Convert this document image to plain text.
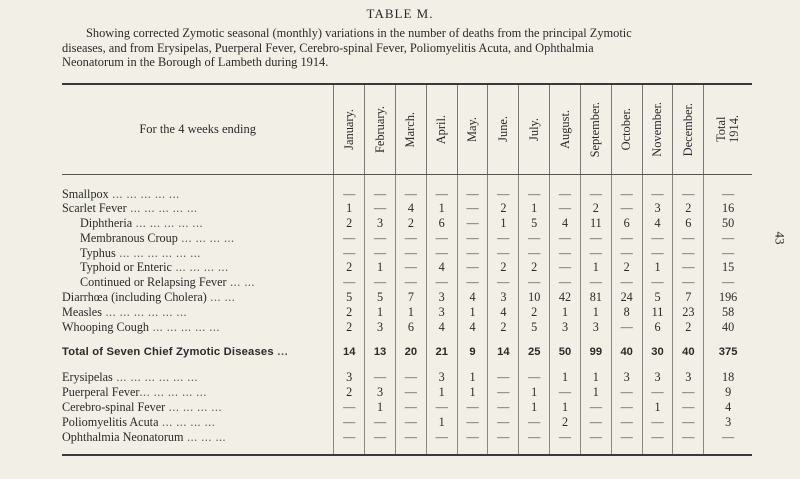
TABLE M.

Showing corrected Zymotic seasonal (monthly) variations in the number of deaths from the principal Zymotic

diseases, and from Erysipelas, Puerperal Fever, Cerebro-spinal Fever, Poliomyelitis Acuta, and Ophthalmia

Neonatorum in the Borough of Lambeth during 1914.

43
For the 4 weeks ending	January.	February.	March.	April.	May.	June.	July.	August.	September.	October.	November.	December.	Total
1914.

Smallpox ... ... ... ... ...	—	—	—	—	—	—	—	—	—	—	—	—	—
Scarlet Fever ... ... ... ... ...	1	—	4	1	—	2	1	—	2	—	3	2	16
Diphtheria ... ... ... ... ...	2	3	2	6	—	1	5	4	11	6	4	6	50
Membranous Croup ... ... ... ...	—	—	—	—	—	—	—	—	—	—	—	—	—
Typhus ... ... ... ... ... ...	—	—	—	—	—	—	—	—	—	—	—	—	—
Typhoid or Enteric ... ... ... ...	2	1	—	4	—	2	2	—	1	2	1	—	15
Continued or Relapsing Fever ... ...	—	—	—	—	—	—	—	—	—	—	—	—	—
Diarrhœa (including Cholera) ... ...	5	5	7	3	4	3	10	42	81	24	5	7	196
Measles ... ... ... ... ... ...	2	1	1	3	1	4	2	1	1	8	11	23	58
Whooping Cough ... ... ... ... ...	2	3	6	4	4	2	5	3	3	—	6	2	40

Total of Seven Chief Zymotic Diseases ...	14	13	20	21	9	14	25	50	99	40	30	40	375

Erysipelas ... ... ... ... ... ...	3	—	—	3	1	—	—	1	1	3	3	3	18
Puerperal Fever... ... ... ... ...	2	3	—	1	1	—	1	—	1	—	—	—	9
Cerebro-spinal Fever ... ... ... ...	—	1	—	—	—	—	1	1	—	—	1	—	4
Poliomyelitis Acuta ... ... ... ...	—	—	—	1	—	—	—	2	—	—	—	—	3
Ophthalmia Neonatorum ... ... ...	—	—	—	—	—	—	—	—	—	—	—	—	—
